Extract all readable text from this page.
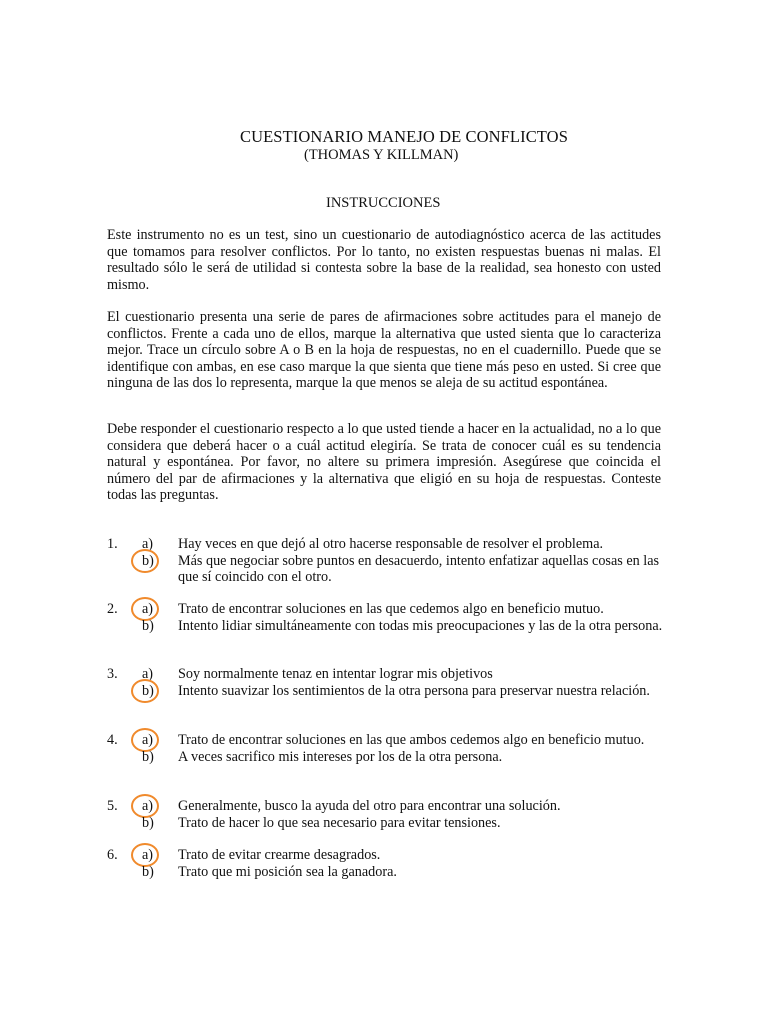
CUESTIONARIO MANEJO DE CONFLICTOS
(THOMAS Y KILLMAN)
INSTRUCCIONES

Este instrumento no es un test, sino un cuestionario de autodiagnóstico acerca de las actitudes que tomamos para resolver conflictos. Por lo tanto, no existen respuestas buenas ni malas. El resultado sólo le será de utilidad si contesta sobre la base de la realidad, sea honesto con usted mismo.

El cuestionario presenta una serie de pares de afirmaciones sobre actitudes para el manejo de conflictos. Frente a cada uno de ellos, marque la alternativa que usted sienta que lo caracteriza mejor. Trace un círculo sobre A o B en la hoja de respuestas, no en el cuadernillo. Puede que se identifique con ambas, en ese caso marque la que sienta que tiene más peso en usted. Si cree que ninguna de las dos lo representa, marque la que menos se aleja de su actitud espontánea.

Debe responder el cuestionario respecto a lo que usted tiende a hacer en la actualidad, no a lo que considera que deberá hacer o a cuál actitud elegiría. Se trata de conocer cuál es su tendencia natural y espontánea. Por favor, no altere su primera impresión. Asegúrese que coincida el número del par de afirmaciones y la alternativa que eligió en su hoja de respuestas. Conteste todas las preguntas.

1. a)	Hay veces en que dejó al otro hacerse responsable de resolver el problema.
b)	Más que negociar sobre puntos en desacuerdo, intento enfatizar aquellas cosas en las que sí coincido con el otro.
2. a)	Trato de encontrar soluciones en las que cedemos algo en beneficio mutuo.
b)	Intento lidiar simultáneamente con todas mis preocupaciones y las de la otra persona.
3. a)	Soy normalmente tenaz en intentar lograr mis objetivos
b)	Intento suavizar los sentimientos de la otra persona para preservar nuestra relación.
4. a)	Trato de encontrar soluciones en las que ambos cedemos algo en beneficio mutuo.
b)	A veces sacrifico mis intereses por los de la otra persona.
5. a)	Generalmente, busco la ayuda del otro para encontrar una solución.
b)	Trato de hacer lo que sea necesario para evitar tensiones.
6. a)	Trato de evitar crearme desagrados.
b)	Trato que mi posición sea la ganadora.
